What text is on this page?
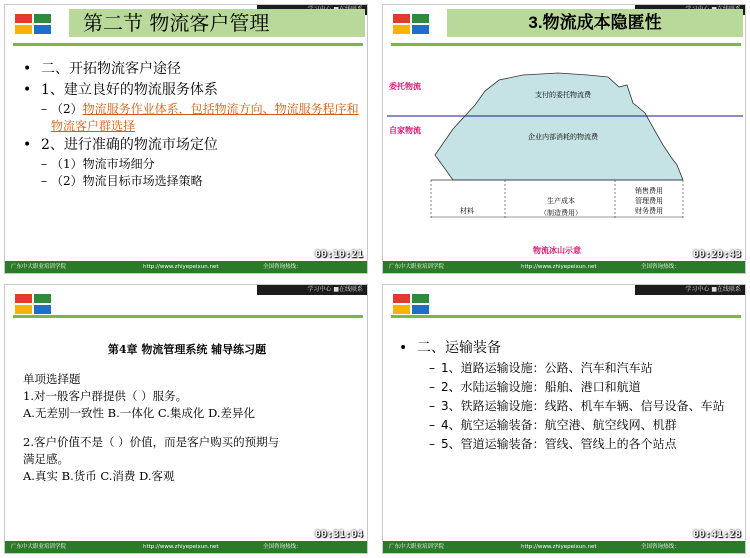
第二节 物流客户管理
• 二、开拓物流客户途径
• 1、建立良好的物流服务体系
– （2）物流服务作业体系，包括物流方向、物流服务程序和物流客户群选择
• 2、进行准确的物流市场定位
– （1）物流市场细分
– （2）物流目标市场选择策略
00:10:21
广东中大职业培训学院	http://www.zhiyepeixun.net	全国咨询热线：
3.物流成本隐匿性
委托物流
自家物流
支付的委托物流费
企业内部消耗的物流费
材料
生产成本
（制造费用）
销售费用
管理费用
财务费用
物流冰山示意	00:20:43
广东中大职业培训学院	http://www.zhiyepeixun.net	全国咨询热线：
学习中心 ■在线联系
第4章 物流管理系统 辅导练习题
单项选择题
1.对一般客户群提供（ ）服务。
A.无差别一致性 B.一体化 C.集成化 D.差异化
2.客户价值不是（ ）价值，而是客户购买的预期与
满足感。
A.真实 B.货币 C.消费 D.客观
00:31:04
广东中大职业培训学院	http://www.zhiyepeixun.net	全国咨询热线：
学习中心 ■在线联系
• 二、运输装备
– 1、道路运输设施：公路、汽车和汽车站
– 2、水陆运输设施：船舶、港口和航道
– 3、铁路运输设施：线路、机车车辆、信号设备、车站
– 4、航空运输装备：航空港、航空线网、机群
– 5、管道运输装备：管线、管线上的各个站点
00:41:28
广东中大职业培训学院	http://www.zhiyepeixun.net	全国咨询热线：
